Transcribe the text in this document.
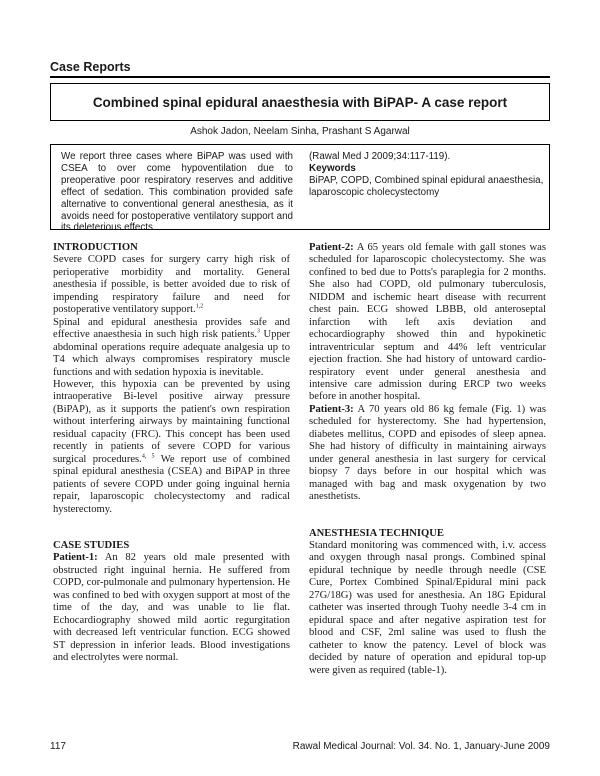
Case Reports
Combined spinal epidural anaesthesia with BiPAP- A case report
Ashok Jadon, Neelam Sinha, Prashant S Agarwal
We report three cases where BiPAP was used with CSEA to over come hypoventilation due to preoperative poor respiratory reserves and additive effect of sedation. This combination provided safe alternative to conventional general anesthesia, as it avoids need for postoperative ventilatory support and its deleterious effects.
(Rawal Med J 2009;34:117-119).
Keywords
BiPAP, COPD, Combined spinal epidural anaesthesia, laparoscopic cholecystectomy
INTRODUCTION

Severe COPD cases for surgery carry high risk of perioperative morbidity and mortality. General anesthesia if possible, is better avoided due to risk of impending respiratory failure and need for postoperative ventilatory support.$^{1,2}$

Spinal and epidural anesthesia provides safe and effective anaesthesia in such high risk patients.$^3$ Upper abdominal operations require adequate analgesia up to T4 which always compromises respiratory muscle functions and with sedation hypoxia is inevitable.

However, this hypoxia can be prevented by using intraoperative Bi-level positive airway pressure (BiPAP), as it supports the patient's own respiration without interfering airways by maintaining functional residual capacity (FRC). This concept has been used recently in patients of severe COPD for various surgical procedures.$^{4, 5}$ We report use of combined spinal epidural anesthesia (CSEA) and BiPAP in three patients of severe COPD under going inguinal hernia repair, laparoscopic cholecystectomy and radical hysterectomy.

CASE STUDIES

Patient-1: An 82 years old male presented with obstructed right inguinal hernia. He suffered from COPD, cor-pulmonale and pulmonary hypertension. He was confined to bed with oxygen support at most of the time of the day, and was unable to lie flat. Echocardiography showed mild aortic regurgitation with decreased left ventricular function. ECG showed ST depression in inferior leads. Blood investigations and electrolytes were normal.

Patient-2: A 65 years old female with gall stones was scheduled for laparoscopic cholecystectomy. She was confined to bed due to Potts's paraplegia for 2 months. She also had COPD, old pulmonary tuberculosis, NIDDM and ischemic heart disease with recurrent chest pain. ECG showed LBBB, old anteroseptal infarction with left axis deviation and echocardiography showed thin and hypokinetic intraventricular septum and 44% left ventricular ejection fraction. She had history of untoward cardio-respiratory event under general anesthesia and intensive care admission during ERCP two weeks before in another hospital.

Patient-3: A 70 years old 86 kg female (Fig. 1) was scheduled for hysterectomy. She had hypertension, diabetes mellitus, COPD and episodes of sleep apnea. She had history of difficulty in maintaining airways under general anesthesia in last surgery for cervical biopsy 7 days before in our hospital which was managed with bag and mask oxygenation by two anesthetists.

ANESTHESIA TECHNIQUE

Standard monitoring was commenced with, i.v. access and oxygen through nasal prongs. Combined spinal epidural technique by needle through needle (CSE Cure, Portex Combined Spinal/Epidural mini pack 27G/18G) was used for anesthesia. An 18G Epidural catheter was inserted through Tuohy needle 3-4 cm in epidural space and after negative aspiration test for blood and CSF, 2ml saline was used to flush the catheter to know the patency. Level of block was decided by nature of operation and epidural top-up were given as required (table-1).

117	Rawal Medical Journal: Vol. 34. No. 1, January-June 2009
